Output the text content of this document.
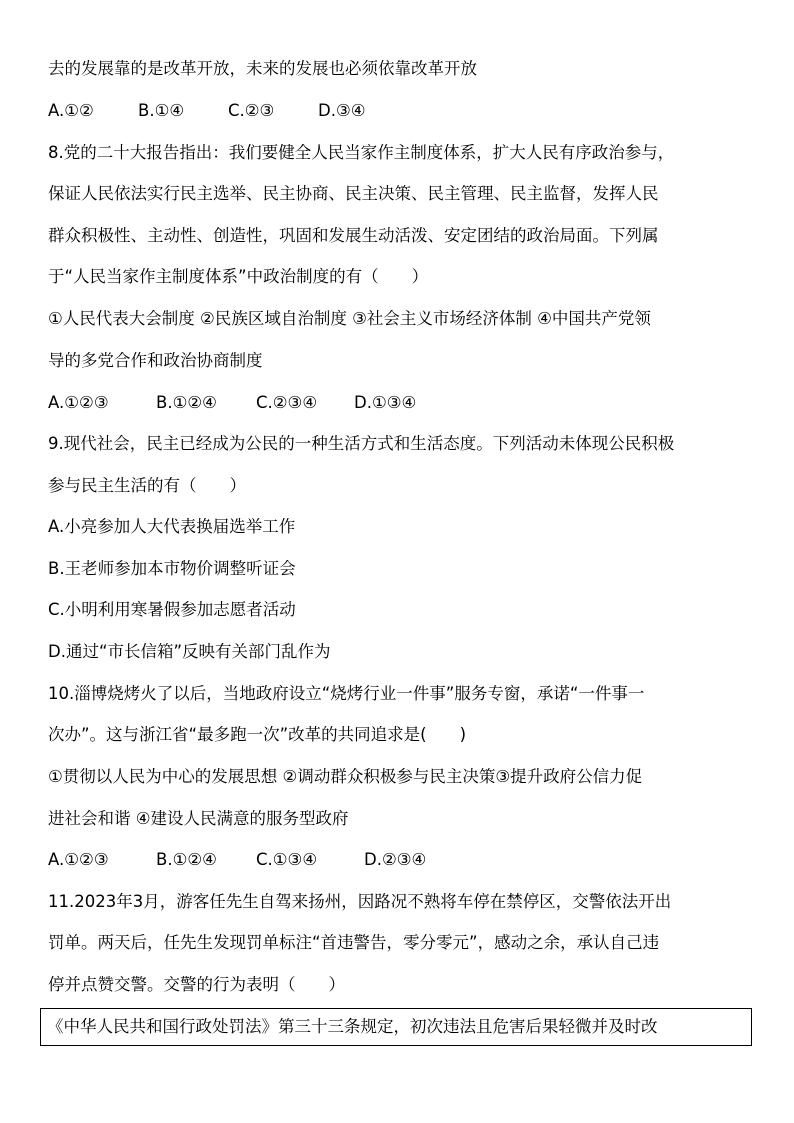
去的发展靠的是改革开放，未来的发展也必须依靠改革开放
A.①②	B.①④	C.②③	D.③④
8.党的二十大报告指出：我们要健全人民当家作主制度体系，扩大人民有序政治参与，
保证人民依法实行民主选举、民主协商、民主决策、民主管理、民主监督，发挥人民
群众积极性、主动性、创造性，巩固和发展生动活泼、安定团结的政治局面。下列属
于“人民当家作主制度体系”中政治制度的有（　　）
①人民代表大会制度 ②民族区域自治制度 ③社会主义市场经济体制 ④中国共产党领
导的多党合作和政治协商制度
A.①②③	B.①②④ C.②③④ D.①③④
9.现代社会，民主已经成为公民的一种生活方式和生活态度。下列活动未体现公民积极
参与民主生活的有（　　）
A.小亮参加人大代表换届选举工作
B.王老师参加本市物价调整听证会
C.小明利用寒暑假参加志愿者活动
D.通过“市长信箱”反映有关部门乱作为
10.淄博烧烤火了以后，当地政府设立“烧烤行业一件事”服务专窗，承诺“一件事一
次办”。这与浙江省“最多跑一次”改革的共同追求是(　　)
①贯彻以人民为中心的发展思想 ②调动群众积极参与民主决策③提升政府公信力促
进社会和谐 ④建设人民满意的服务型政府
A.①②③	B.①②④ C.①③④	D.②③④
11.2023年3月，游客任先生自驾来扬州，因路况不熟将车停在禁停区，交警依法开出
罚单。两天后，任先生发现罚单标注“首违警告，零分零元”，感动之余，承认自己违
停并点赞交警。交警的行为表明（　　）
《中华人民共和国行政处罚法》第三十三条规定，初次违法且危害后果轻微并及时改
